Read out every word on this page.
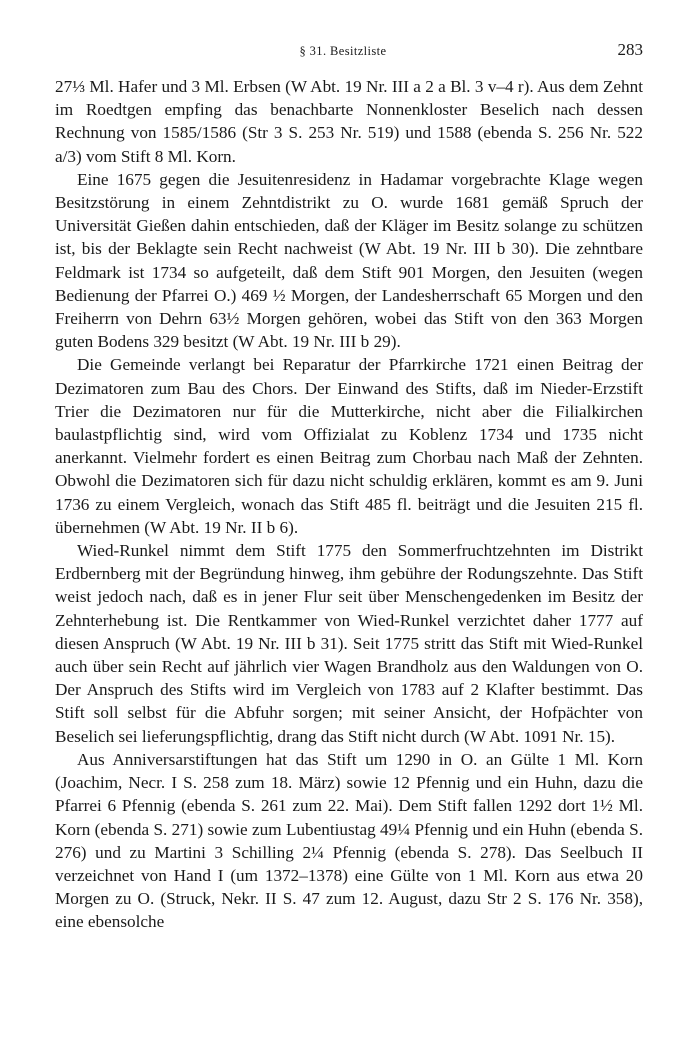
§ 31. Besitzliste	283

27⅓ Ml. Hafer und 3 Ml. Erbsen (W Abt. 19 Nr. III a 2 a Bl. 3 v–4 r). Aus dem Zehnt im Roedtgen empfing das benachbarte Nonnenkloster Beselich nach dessen Rechnung von 1585/1586 (Str 3 S. 253 Nr. 519) und 1588 (ebenda S. 256 Nr. 522 a/3) vom Stift 8 Ml. Korn.

Eine 1675 gegen die Jesuitenresidenz in Hadamar vorgebrachte Klage wegen Besitzstörung in einem Zehntdistrikt zu O. wurde 1681 gemäß Spruch der Universität Gießen dahin entschieden, daß der Kläger im Besitz solange zu schützen ist, bis der Beklagte sein Recht nachweist (W Abt. 19 Nr. III b 30). Die zehntbare Feldmark ist 1734 so aufgeteilt, daß dem Stift 901 Morgen, den Jesuiten (wegen Bedienung der Pfarrei O.) 469 ½ Morgen, der Landesherrschaft 65 Morgen und den Freiherrn von Dehrn 63½ Morgen gehören, wobei das Stift von den 363 Morgen guten Bodens 329 besitzt (W Abt. 19 Nr. III b 29).

Die Gemeinde verlangt bei Reparatur der Pfarrkirche 1721 einen Beitrag der Dezimatoren zum Bau des Chors. Der Einwand des Stifts, daß im Nieder-Erzstift Trier die Dezimatoren nur für die Mutterkirche, nicht aber die Filialkirchen baulastpflichtig sind, wird vom Offizialat zu Koblenz 1734 und 1735 nicht anerkannt. Vielmehr fordert es einen Beitrag zum Chorbau nach Maß der Zehnten. Obwohl die Dezimatoren sich für dazu nicht schuldig erklären, kommt es am 9. Juni 1736 zu einem Vergleich, wonach das Stift 485 fl. beiträgt und die Jesuiten 215 fl. übernehmen (W Abt. 19 Nr. II b 6).

Wied-Runkel nimmt dem Stift 1775 den Sommerfruchtzehnten im Distrikt Erdbernberg mit der Begründung hinweg, ihm gebühre der Rodungszehnte. Das Stift weist jedoch nach, daß es in jener Flur seit über Menschengedenken im Besitz der Zehnterhebung ist. Die Rentkammer von Wied-Runkel verzichtet daher 1777 auf diesen Anspruch (W Abt. 19 Nr. III b 31). Seit 1775 stritt das Stift mit Wied-Runkel auch über sein Recht auf jährlich vier Wagen Brandholz aus den Waldungen von O. Der Anspruch des Stifts wird im Vergleich von 1783 auf 2 Klafter bestimmt. Das Stift soll selbst für die Abfuhr sorgen; mit seiner Ansicht, der Hofpächter von Beselich sei lieferungspflichtig, drang das Stift nicht durch (W Abt. 1091 Nr. 15).

Aus Anniversarstiftungen hat das Stift um 1290 in O. an Gülte 1 Ml. Korn (Joachim, Necr. I S. 258 zum 18. März) sowie 12 Pfennig und ein Huhn, dazu die Pfarrei 6 Pfennig (ebenda S. 261 zum 22. Mai). Dem Stift fallen 1292 dort 1½ Ml. Korn (ebenda S. 271) sowie zum Lubentiustag 49¼ Pfennig und ein Huhn (ebenda S. 276) und zu Martini 3 Schilling 2¼ Pfennig (ebenda S. 278). Das Seelbuch II verzeichnet von Hand I (um 1372–1378) eine Gülte von 1 Ml. Korn aus etwa 20 Morgen zu O. (Struck, Nekr. II S. 47 zum 12. August, dazu Str 2 S. 176 Nr. 358), eine ebensolche
